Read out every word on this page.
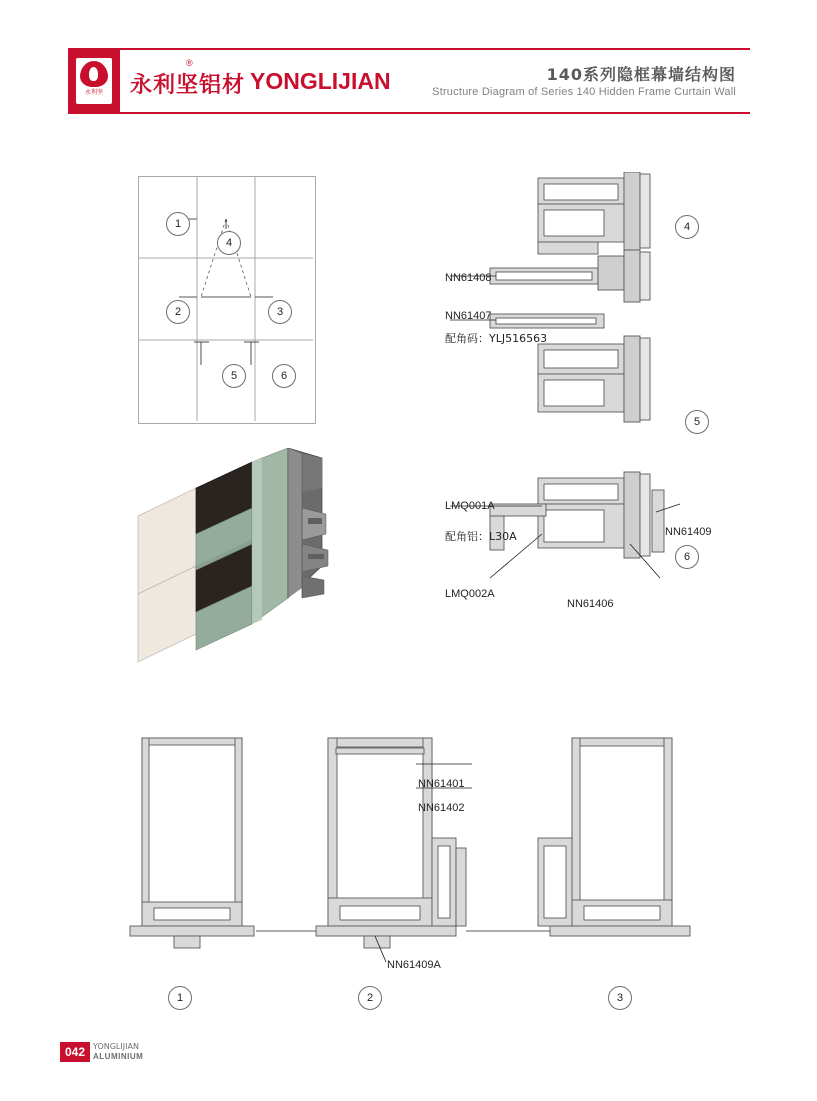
永利坚 永利坚铝材
®
YONGLIJIAN	140系列隐框幕墙结构图
Structure Diagram of Series 140 Hidden Frame Curtain Wall
1
2	3
4
5	6
NN61408
NN61407
配角码：YLJ516563
LMQ001A
配角铝：L30A
LMQ002A
NN61406
NN61409
4
5
6
NN61401
NN61402
NN61409A
1	2	3
042 YONGLIJIAN
ALUMINIUM
